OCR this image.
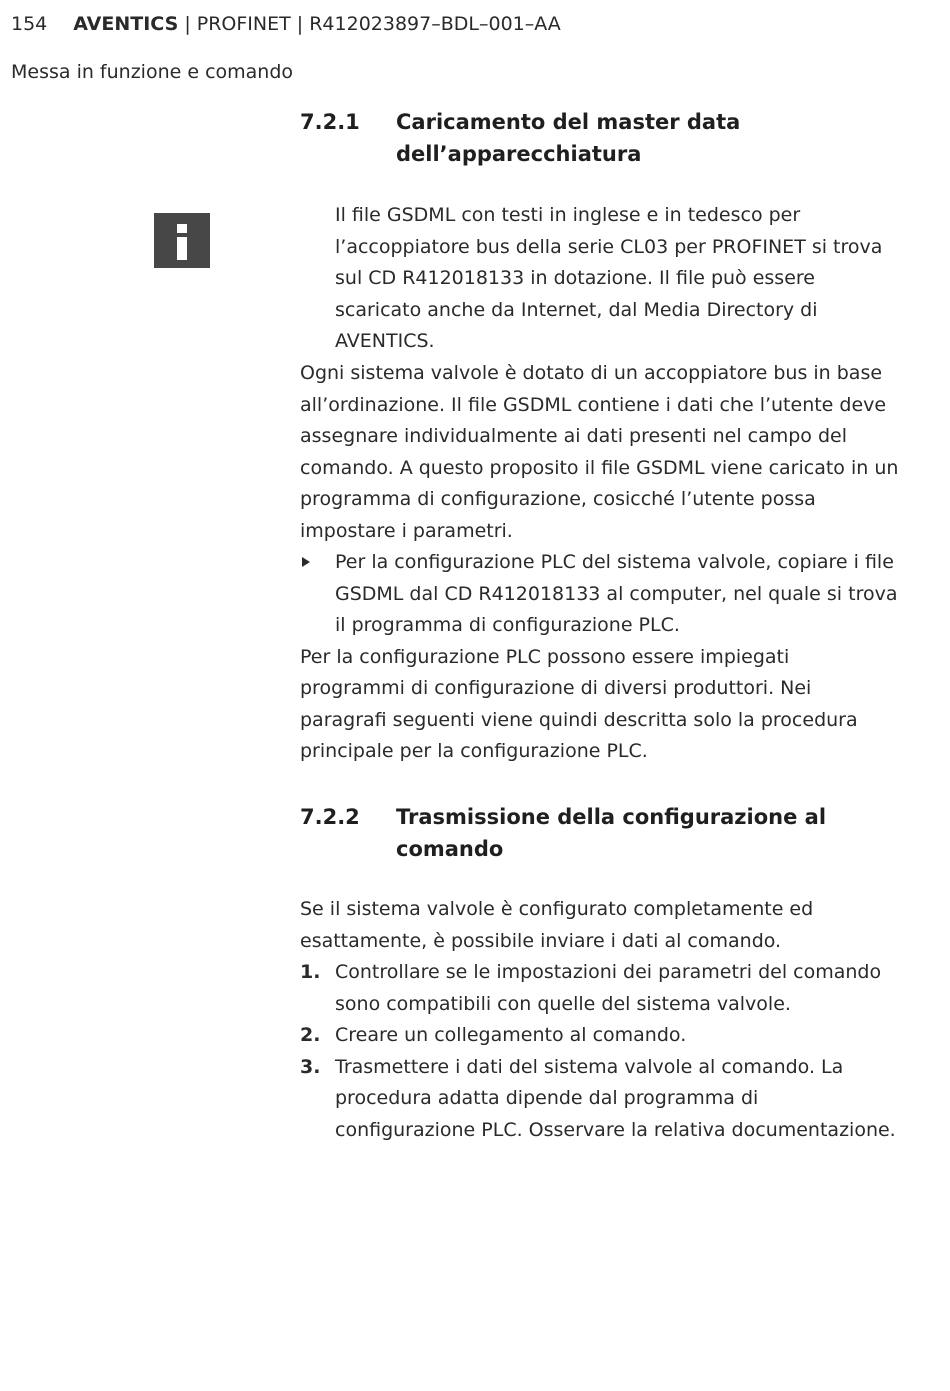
154 AVENTICS | PROFINET | R412023897–BDL–001–AA
Messa in funzione e comando
7.2.1 Caricamento del master data dell’apparecchiatura
Il file GSDML con testi in inglese e in tedesco per l’accoppiatore bus della serie CL03 per PROFINET si trova sul CD R412018133 in dotazione. Il file può essere scaricato anche da Internet, dal Media Directory di AVENTICS.

Ogni sistema valvole è dotato di un accoppiatore bus in base all’ordinazione. Il file GSDML contiene i dati che l’utente deve assegnare individualmente ai dati presenti nel campo del comando. A questo proposito il file GSDML viene caricato in un programma di configurazione, cosicché l’utente possa impostare i parametri.

Per la configurazione PLC del sistema valvole, copiare i file GSDML dal CD R412018133 al computer, nel quale si trova il programma di configurazione PLC.

Per la configurazione PLC possono essere impiegati programmi di configurazione di diversi produttori. Nei paragrafi seguenti viene quindi descritta solo la procedura principale per la configurazione PLC.

7.2.2 Trasmissione della configurazione al comando

Se il sistema valvole è configurato completamente ed esattamente, è possibile inviare i dati al comando.

1. Controllare se le impostazioni dei parametri del comando sono compatibili con quelle del sistema valvole.
2. Creare un collegamento al comando.
3. Trasmettere i dati del sistema valvole al comando. La procedura adatta dipende dal programma di configurazione PLC. Osservare la relativa documentazione.
